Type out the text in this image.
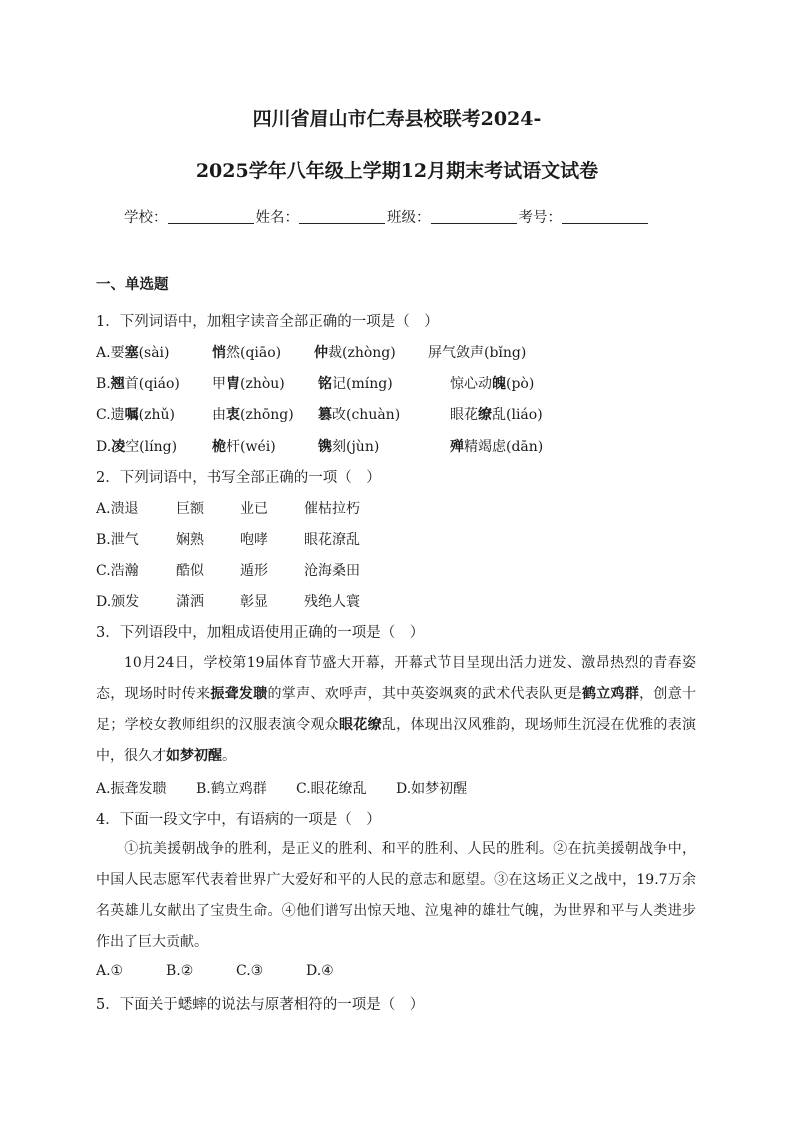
四川省眉山市仁寿县校联考2024-
2025学年八年级上学期12月期末考试语文试卷
学校：	姓名：	班级：	考号：
一、单选题
1．下列词语中，加粗字读音全部正确的一项是（　）
A.要塞(sài)	悄然(qiāo) 仲裁(zhòng) 屏气敛声(bǐng)
B.翘首(qiáo) 甲胄(zhòu) 铭记(míng)	惊心动魄(pò)
C.遗嘱(zhǔ)	由衷(zhōng) 篡改(chuàn)	眼花缭乱(liáo)
D.凌空(líng) 桅杆(wéi)	镌刻(jùn)	殚精竭虑(dān)
2．下列词语中，书写全部正确的一项（　）
A.溃退	巨额	业已	催枯拉朽
B.泄气	娴熟	咆哮	眼花潦乱
C.浩瀚	酷似	遁形	沧海桑田
D.颁发	潇洒	彰显	残绝人寰
3．下列语段中，加粗成语使用正确的一项是（　）
10月24日，学校第19届体育节盛大开幕，开幕式节目呈现出活力迸发、激昂热烈的青春姿态，现场时时传来振聋发聩的掌声、欢呼声，其中英姿飒爽的武术代表队更是鹤立鸡群，创意十足；学校女教师组织的汉服表演令观众眼花缭乱，体现出汉风雅韵，现场师生沉浸在优雅的表演中，很久才如梦初醒。
A.振聋发聩 B.鹤立鸡群 C.眼花缭乱 D.如梦初醒
4．下面一段文字中，有语病的一项是（　）
①抗美援朝战争的胜利，是正义的胜利、和平的胜利、人民的胜利。②在抗美援朝战争中，中国人民志愿军代表着世界广大爱好和平的人民的意志和愿望。③在这场正义之战中，19.7万余名英雄儿女献出了宝贵生命。④他们谱写出惊天地、泣鬼神的雄壮气魄，为世界和平与人类进步作出了巨大贡献。
A.①	B.②	C.③	D.④
5．下面关于蟋蟀的说法与原著相符的一项是（　）
